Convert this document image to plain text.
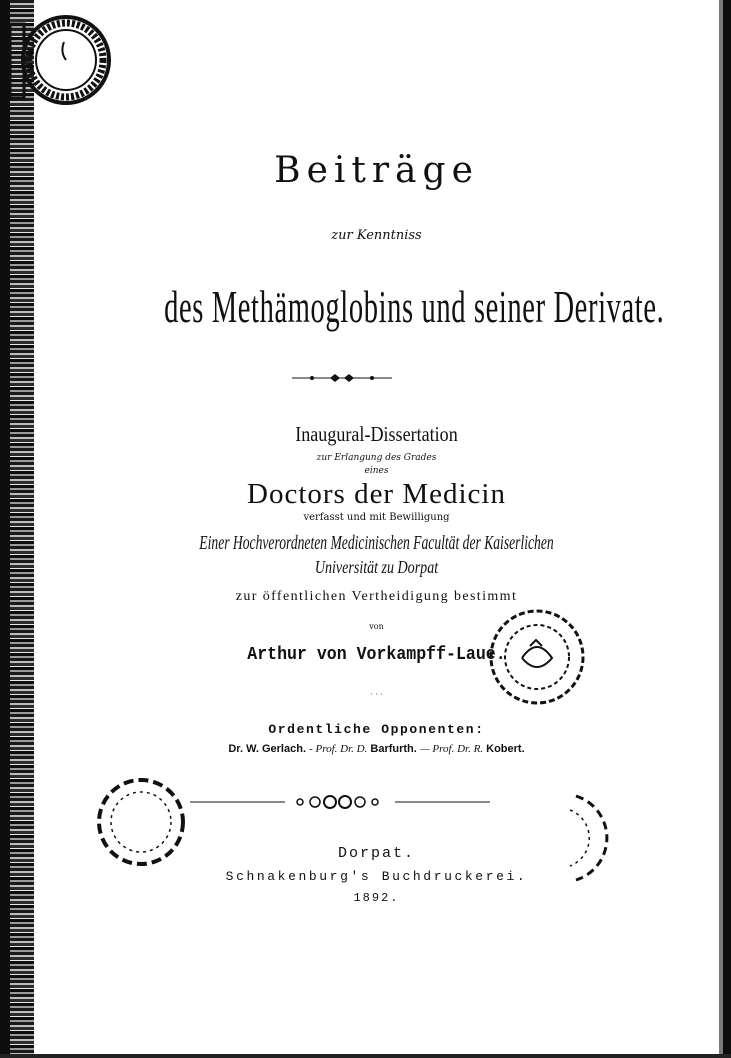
Beiträge
zur Kenntniss
des Methämoglobins und seiner Derivate.
Inaugural-Dissertation
zur Erlangung des Grades
eines
Doctors der Medicin
verfasst und mit Bewilligung
Einer Hochverordneten Medicinischen Facultät der Kaiserlichen
Universität zu Dorpat
zur öffentlichen Vertheidigung bestimmt
von
Arthur von Vorkampff-Laue.
· · ·
Ordentliche Opponenten:
Dr. W. Gerlach. - Prof. Dr. D. Barfurth. — Prof. Dr. R. Kobert.
Dorpat.
Schnakenburg's Buchdruckerei.
1892.
